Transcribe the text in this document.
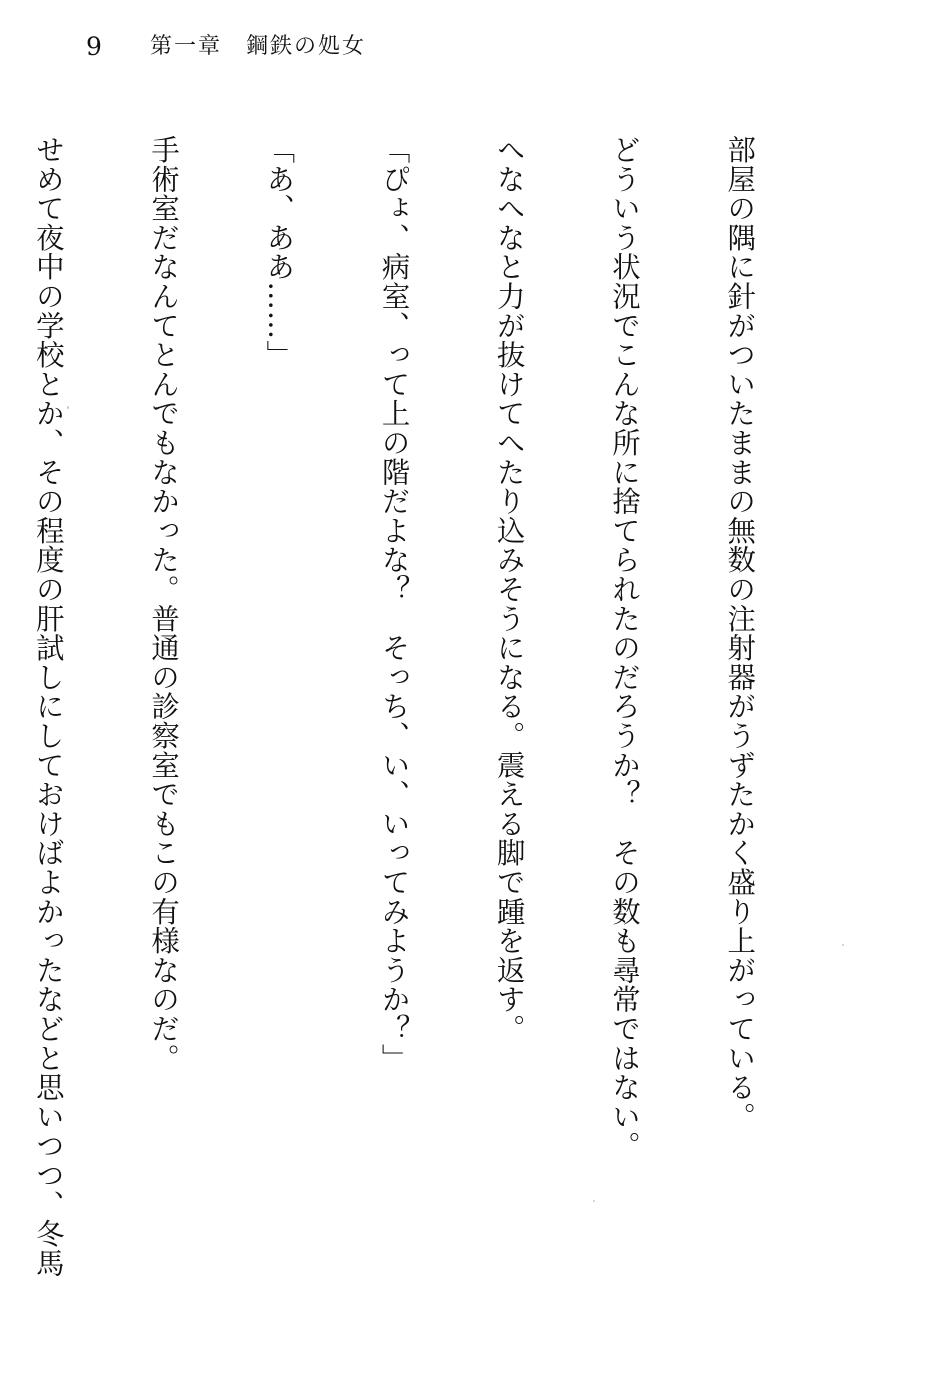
9 第一章　鋼鉄の処女

部屋の隅に針がついたままの無数の注射器がうずたかく盛り上がっている。

どういう状況でこんな所に捨てられたのだろうか？　その数も尋常ではない。

へなへなと力が抜けてへたり込みそうになる。震える脚で踵を返す。

「ぴょ、病室、って上の階だよな？　そっち、い、いってみようか？」

「あ、ああ……」

手術室だなんてとんでもなかった。普通の診察室でもこの有様なのだ。

せめて夜中の学校とか、その程度の肝試しにしておけばよかったなどと思いつつ、冬馬
